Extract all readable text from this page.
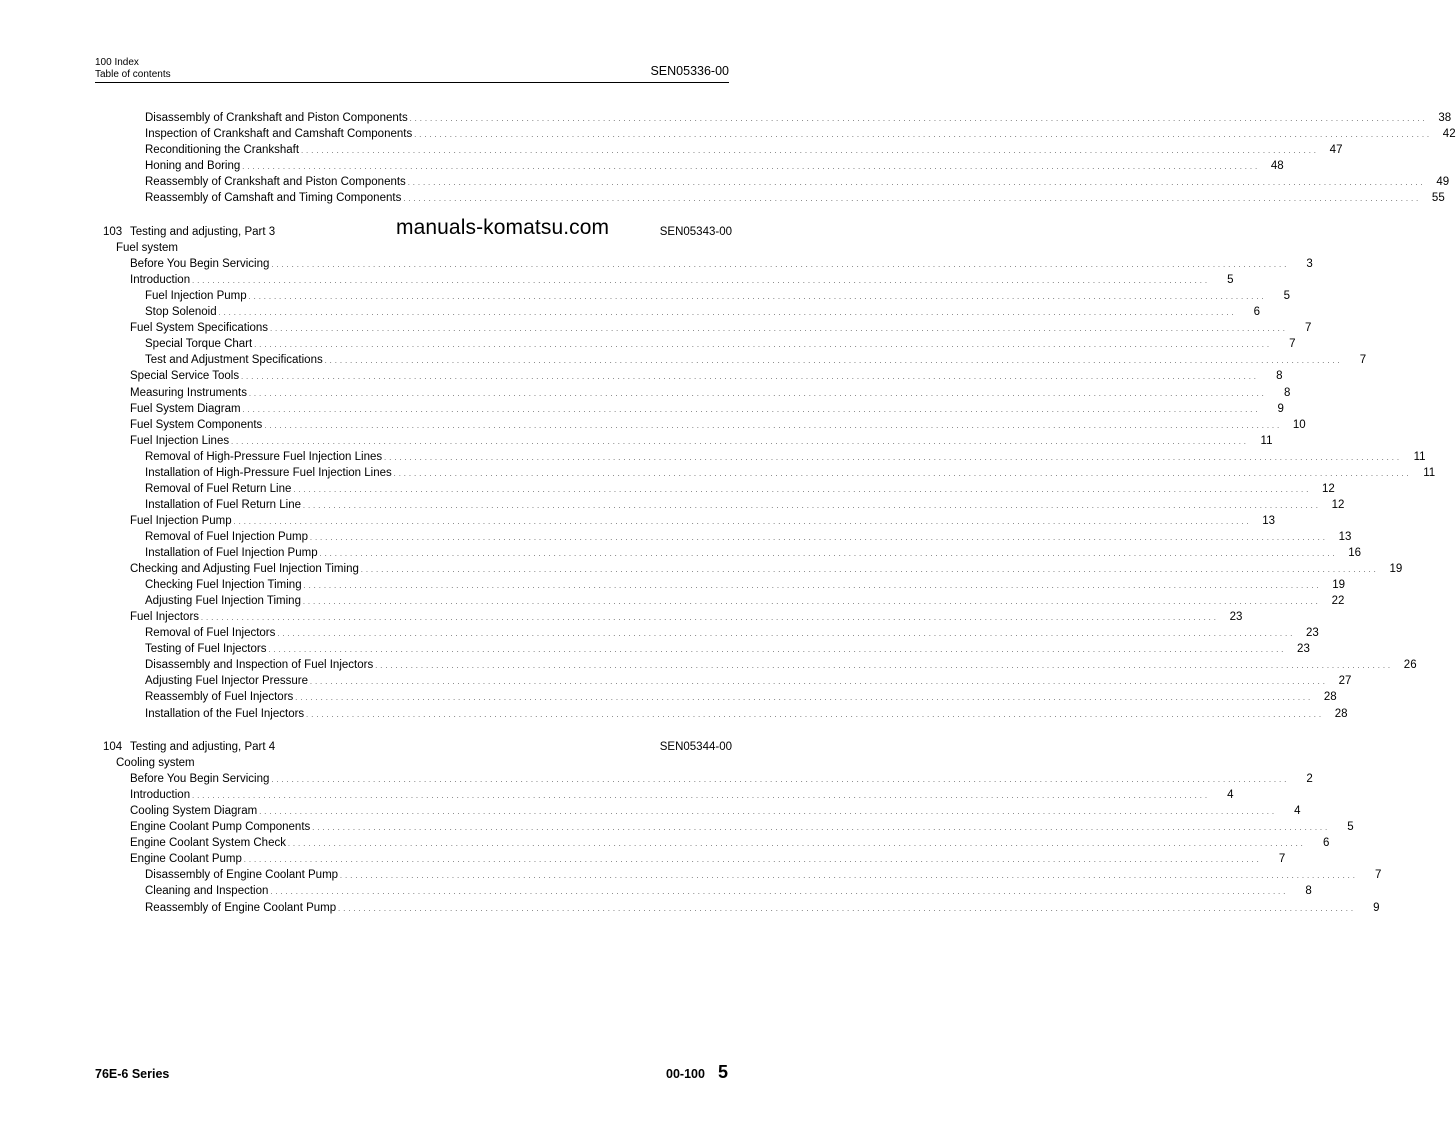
100 Index
Table of contents	SEN05336-00
manuals-komatsu.com
76E-6 Series	00-100 5
Disassembly of Crankshaft and Piston Components . . . . . . . . . . . . . . . . . . . . . . . . . . . . . . . . . . . . . . . . . . . . . . . . . . . . . . . . . . . . . . . . . . . . . . . . . . . . . . . . . . . . . . . . . . . . . . . . . . . . . . . . . . . . . . . . . . . . . . . . . . . . . . . . . . . . . . . . . . . . . . . . . . . . . . . . . . . . . . . . . . . . . . . . . . . . . . . . . . . . . . . . . . . . . . . . . . . . . . . .	38
Inspection of Crankshaft and Camshaft Components . . . . . . . . . . . . . . . . . . . . . . . . . . . . . . . . . . . . . . . . . . . . . . . . . . . . . . . . . . . . . . . . . . . . . . . . . . . . . . . . . . . . . . . . . . . . . . . . . . . . . . . . . . . . . . . . . . . . . . . . . . . . . . . . . . . . . . . . . . . . . . . . . . . . . . . . . . . . . . . . . . . . . . . . . . . . . . . . . . . . . . . . . . . . . . . . . . . . . . . .	42
Reconditioning the Crankshaft . . . . . . . . . . . . . . . . . . . . . . . . . . . . . . . . . . . . . . . . . . . . . . . . . . . . . . . . . . . . . . . . . . . . . . . . . . . . . . . . . . . . . . . . . . . . . . . . . . . . . . . . . . . . . . . . . . . . . . . . . . . . . . . . . . . . . . . . . . . . . . . . . . . . . . . . . . . . . . . . . . . . . . . . . . . . . . . . . . . . . . . . . . . . . . . . . . . . . . . .	47
Honing and Boring . . . . . . . . . . . . . . . . . . . . . . . . . . . . . . . . . . . . . . . . . . . . . . . . . . . . . . . . . . . . . . . . . . . . . . . . . . . . . . . . . . . . . . . . . . . . . . . . . . . . . . . . . . . . . . . . . . . . . . . . . . . . . . . . . . . . . . . . . . . . . . . . . . . . . . . . . . . . . . . . . . . . . . . . . . . . . . . . . . . . . . . . . . . . . . . . . . . . . . . .	48
Reassembly of Crankshaft and Piston Components . . . . . . . . . . . . . . . . . . . . . . . . . . . . . . . . . . . . . . . . . . . . . . . . . . . . . . . . . . . . . . . . . . . . . . . . . . . . . . . . . . . . . . . . . . . . . . . . . . . . . . . . . . . . . . . . . . . . . . . . . . . . . . . . . . . . . . . . . . . . . . . . . . . . . . . . . . . . . . . . . . . . . . . . . . . . . . . . . . . . . . . . . . . . . . . . . . . . . . . .	49
Reassembly of Camshaft and Timing Components . . . . . . . . . . . . . . . . . . . . . . . . . . . . . . . . . . . . . . . . . . . . . . . . . . . . . . . . . . . . . . . . . . . . . . . . . . . . . . . . . . . . . . . . . . . . . . . . . . . . . . . . . . . . . . . . . . . . . . . . . . . . . . . . . . . . . . . . . . . . . . . . . . . . . . . . . . . . . . . . . . . . . . . . . . . . . . . . . . . . . . . . . . . . . . . . . . . . . . . .	55
103 Testing and adjusting, Part 3	SEN05343-00
Fuel system
Before You Begin Servicing . . . . . . . . . . . . . . . . . . . . . . . . . . . . . . . . . . . . . . . . . . . . . . . . . . . . . . . . . . . . . . . . . . . . . . . . . . . . . . . . . . . . . . . . . . . . . . . . . . . . . . . . . . . . . . . . . . . . . . . . . . . . . . . . . . . . . . . . . . . . . . . . . . . . . . . . . . . . . . . . . . . . . . . . . . . . . . . . . . . . . . . . . . . . . . . . . . . . . . . .	3
Introduction . . . . . . . . . . . . . . . . . . . . . . . . . . . . . . . . . . . . . . . . . . . . . . . . . . . . . . . . . . . . . . . . . . . . . . . . . . . . . . . . . . . . . . . . . . . . . . . . . . . . . . . . . . . . . . . . . . . . . . . . . . . . . . . . . . . . . . . . . . . . . . . . . . . . . . . . . . . . . . . . . . . . . . . . . . . . . . . . . . . . . . . . . . . . . . . . . . . . . . . .	5
Fuel Injection Pump . . . . . . . . . . . . . . . . . . . . . . . . . . . . . . . . . . . . . . . . . . . . . . . . . . . . . . . . . . . . . . . . . . . . . . . . . . . . . . . . . . . . . . . . . . . . . . . . . . . . . . . . . . . . . . . . . . . . . . . . . . . . . . . . . . . . . . . . . . . . . . . . . . . . . . . . . . . . . . . . . . . . . . . . . . . . . . . . . . . . . . . . . . . . . . . . . . . . . . . .	5
Stop Solenoid . . . . . . . . . . . . . . . . . . . . . . . . . . . . . . . . . . . . . . . . . . . . . . . . . . . . . . . . . . . . . . . . . . . . . . . . . . . . . . . . . . . . . . . . . . . . . . . . . . . . . . . . . . . . . . . . . . . . . . . . . . . . . . . . . . . . . . . . . . . . . . . . . . . . . . . . . . . . . . . . . . . . . . . . . . . . . . . . . . . . . . . . . . . . . . . . . . . . . . . .	6
Fuel System Specifications . . . . . . . . . . . . . . . . . . . . . . . . . . . . . . . . . . . . . . . . . . . . . . . . . . . . . . . . . . . . . . . . . . . . . . . . . . . . . . . . . . . . . . . . . . . . . . . . . . . . . . . . . . . . . . . . . . . . . . . . . . . . . . . . . . . . . . . . . . . . . . . . . . . . . . . . . . . . . . . . . . . . . . . . . . . . . . . . . . . . . . . . . . . . . . . . . . . . . . . .	7
Special Torque Chart . . . . . . . . . . . . . . . . . . . . . . . . . . . . . . . . . . . . . . . . . . . . . . . . . . . . . . . . . . . . . . . . . . . . . . . . . . . . . . . . . . . . . . . . . . . . . . . . . . . . . . . . . . . . . . . . . . . . . . . . . . . . . . . . . . . . . . . . . . . . . . . . . . . . . . . . . . . . . . . . . . . . . . . . . . . . . . . . . . . . . . . . . . . . . . . . . . . . . . . .	7
Test and Adjustment Specifications . . . . . . . . . . . . . . . . . . . . . . . . . . . . . . . . . . . . . . . . . . . . . . . . . . . . . . . . . . . . . . . . . . . . . . . . . . . . . . . . . . . . . . . . . . . . . . . . . . . . . . . . . . . . . . . . . . . . . . . . . . . . . . . . . . . . . . . . . . . . . . . . . . . . . . . . . . . . . . . . . . . . . . . . . . . . . . . . . . . . . . . . . . . . . . . . . . . . . . . .	7
Special Service Tools . . . . . . . . . . . . . . . . . . . . . . . . . . . . . . . . . . . . . . . . . . . . . . . . . . . . . . . . . . . . . . . . . . . . . . . . . . . . . . . . . . . . . . . . . . . . . . . . . . . . . . . . . . . . . . . . . . . . . . . . . . . . . . . . . . . . . . . . . . . . . . . . . . . . . . . . . . . . . . . . . . . . . . . . . . . . . . . . . . . . . . . . . . . . . . . . . . . . . . . .	8
Measuring Instruments . . . . . . . . . . . . . . . . . . . . . . . . . . . . . . . . . . . . . . . . . . . . . . . . . . . . . . . . . . . . . . . . . . . . . . . . . . . . . . . . . . . . . . . . . . . . . . . . . . . . . . . . . . . . . . . . . . . . . . . . . . . . . . . . . . . . . . . . . . . . . . . . . . . . . . . . . . . . . . . . . . . . . . . . . . . . . . . . . . . . . . . . . . . . . . . . . . . . . . . .	8
Fuel System Diagram . . . . . . . . . . . . . . . . . . . . . . . . . . . . . . . . . . . . . . . . . . . . . . . . . . . . . . . . . . . . . . . . . . . . . . . . . . . . . . . . . . . . . . . . . . . . . . . . . . . . . . . . . . . . . . . . . . . . . . . . . . . . . . . . . . . . . . . . . . . . . . . . . . . . . . . . . . . . . . . . . . . . . . . . . . . . . . . . . . . . . . . . . . . . . . . . . . . . . . . .	9
Fuel System Components . . . . . . . . . . . . . . . . . . . . . . . . . . . . . . . . . . . . . . . . . . . . . . . . . . . . . . . . . . . . . . . . . . . . . . . . . . . . . . . . . . . . . . . . . . . . . . . . . . . . . . . . . . . . . . . . . . . . . . . . . . . . . . . . . . . . . . . . . . . . . . . . . . . . . . . . . . . . . . . . . . . . . . . . . . . . . . . . . . . . . . . . . . . . . . . . . . . . . . . .	10
Fuel Injection Lines . . . . . . . . . . . . . . . . . . . . . . . . . . . . . . . . . . . . . . . . . . . . . . . . . . . . . . . . . . . . . . . . . . . . . . . . . . . . . . . . . . . . . . . . . . . . . . . . . . . . . . . . . . . . . . . . . . . . . . . . . . . . . . . . . . . . . . . . . . . . . . . . . . . . . . . . . . . . . . . . . . . . . . . . . . . . . . . . . . . . . . . . . . . . . . . . . . . . . . . .	11
Removal of High-Pressure Fuel Injection Lines . . . . . . . . . . . . . . . . . . . . . . . . . . . . . . . . . . . . . . . . . . . . . . . . . . . . . . . . . . . . . . . . . . . . . . . . . . . . . . . . . . . . . . . . . . . . . . . . . . . . . . . . . . . . . . . . . . . . . . . . . . . . . . . . . . . . . . . . . . . . . . . . . . . . . . . . . . . . . . . . . . . . . . . . . . . . . . . . . . . . . . . . . . . . . . . . . . . . . . . .	11
Installation of High-Pressure Fuel Injection Lines . . . . . . . . . . . . . . . . . . . . . . . . . . . . . . . . . . . . . . . . . . . . . . . . . . . . . . . . . . . . . . . . . . . . . . . . . . . . . . . . . . . . . . . . . . . . . . . . . . . . . . . . . . . . . . . . . . . . . . . . . . . . . . . . . . . . . . . . . . . . . . . . . . . . . . . . . . . . . . . . . . . . . . . . . . . . . . . . . . . . . . . . . . . . . . . . . . . . . . . .	11
Removal of Fuel Return Line . . . . . . . . . . . . . . . . . . . . . . . . . . . . . . . . . . . . . . . . . . . . . . . . . . . . . . . . . . . . . . . . . . . . . . . . . . . . . . . . . . . . . . . . . . . . . . . . . . . . . . . . . . . . . . . . . . . . . . . . . . . . . . . . . . . . . . . . . . . . . . . . . . . . . . . . . . . . . . . . . . . . . . . . . . . . . . . . . . . . . . . . . . . . . . . . . . . . . . . .	12
Installation of Fuel Return Line . . . . . . . . . . . . . . . . . . . . . . . . . . . . . . . . . . . . . . . . . . . . . . . . . . . . . . . . . . . . . . . . . . . . . . . . . . . . . . . . . . . . . . . . . . . . . . . . . . . . . . . . . . . . . . . . . . . . . . . . . . . . . . . . . . . . . . . . . . . . . . . . . . . . . . . . . . . . . . . . . . . . . . . . . . . . . . . . . . . . . . . . . . . . . . . . . . . . . . . .	12
Fuel Injection Pump . . . . . . . . . . . . . . . . . . . . . . . . . . . . . . . . . . . . . . . . . . . . . . . . . . . . . . . . . . . . . . . . . . . . . . . . . . . . . . . . . . . . . . . . . . . . . . . . . . . . . . . . . . . . . . . . . . . . . . . . . . . . . . . . . . . . . . . . . . . . . . . . . . . . . . . . . . . . . . . . . . . . . . . . . . . . . . . . . . . . . . . . . . . . . . . . . . . . . . . .	13
Removal of Fuel Injection Pump . . . . . . . . . . . . . . . . . . . . . . . . . . . . . . . . . . . . . . . . . . . . . . . . . . . . . . . . . . . . . . . . . . . . . . . . . . . . . . . . . . . . . . . . . . . . . . . . . . . . . . . . . . . . . . . . . . . . . . . . . . . . . . . . . . . . . . . . . . . . . . . . . . . . . . . . . . . . . . . . . . . . . . . . . . . . . . . . . . . . . . . . . . . . . . . . . . . . . . . .	13
Installation of Fuel Injection Pump . . . . . . . . . . . . . . . . . . . . . . . . . . . . . . . . . . . . . . . . . . . . . . . . . . . . . . . . . . . . . . . . . . . . . . . . . . . . . . . . . . . . . . . . . . . . . . . . . . . . . . . . . . . . . . . . . . . . . . . . . . . . . . . . . . . . . . . . . . . . . . . . . . . . . . . . . . . . . . . . . . . . . . . . . . . . . . . . . . . . . . . . . . . . . . . . . . . . . . . .	16
Checking and Adjusting Fuel Injection Timing . . . . . . . . . . . . . . . . . . . . . . . . . . . . . . . . . . . . . . . . . . . . . . . . . . . . . . . . . . . . . . . . . . . . . . . . . . . . . . . . . . . . . . . . . . . . . . . . . . . . . . . . . . . . . . . . . . . . . . . . . . . . . . . . . . . . . . . . . . . . . . . . . . . . . . . . . . . . . . . . . . . . . . . . . . . . . . . . . . . . . . . . . . . . . . . . . . . . . . . .	19
Checking Fuel Injection Timing . . . . . . . . . . . . . . . . . . . . . . . . . . . . . . . . . . . . . . . . . . . . . . . . . . . . . . . . . . . . . . . . . . . . . . . . . . . . . . . . . . . . . . . . . . . . . . . . . . . . . . . . . . . . . . . . . . . . . . . . . . . . . . . . . . . . . . . . . . . . . . . . . . . . . . . . . . . . . . . . . . . . . . . . . . . . . . . . . . . . . . . . . . . . . . . . . . . . . . . .	19
Adjusting Fuel Injection Timing . . . . . . . . . . . . . . . . . . . . . . . . . . . . . . . . . . . . . . . . . . . . . . . . . . . . . . . . . . . . . . . . . . . . . . . . . . . . . . . . . . . . . . . . . . . . . . . . . . . . . . . . . . . . . . . . . . . . . . . . . . . . . . . . . . . . . . . . . . . . . . . . . . . . . . . . . . . . . . . . . . . . . . . . . . . . . . . . . . . . . . . . . . . . . . . . . . . . . . . .	22
Fuel Injectors . . . . . . . . . . . . . . . . . . . . . . . . . . . . . . . . . . . . . . . . . . . . . . . . . . . . . . . . . . . . . . . . . . . . . . . . . . . . . . . . . . . . . . . . . . . . . . . . . . . . . . . . . . . . . . . . . . . . . . . . . . . . . . . . . . . . . . . . . . . . . . . . . . . . . . . . . . . . . . . . . . . . . . . . . . . . . . . . . . . . . . . . . . . . . . . . . . . . . . . .	23
Removal of Fuel Injectors . . . . . . . . . . . . . . . . . . . . . . . . . . . . . . . . . . . . . . . . . . . . . . . . . . . . . . . . . . . . . . . . . . . . . . . . . . . . . . . . . . . . . . . . . . . . . . . . . . . . . . . . . . . . . . . . . . . . . . . . . . . . . . . . . . . . . . . . . . . . . . . . . . . . . . . . . . . . . . . . . . . . . . . . . . . . . . . . . . . . . . . . . . . . . . . . . . . . . . . .	23
Testing of Fuel Injectors . . . . . . . . . . . . . . . . . . . . . . . . . . . . . . . . . . . . . . . . . . . . . . . . . . . . . . . . . . . . . . . . . . . . . . . . . . . . . . . . . . . . . . . . . . . . . . . . . . . . . . . . . . . . . . . . . . . . . . . . . . . . . . . . . . . . . . . . . . . . . . . . . . . . . . . . . . . . . . . . . . . . . . . . . . . . . . . . . . . . . . . . . . . . . . . . . . . . . . . .	23
Disassembly and Inspection of Fuel Injectors . . . . . . . . . . . . . . . . . . . . . . . . . . . . . . . . . . . . . . . . . . . . . . . . . . . . . . . . . . . . . . . . . . . . . . . . . . . . . . . . . . . . . . . . . . . . . . . . . . . . . . . . . . . . . . . . . . . . . . . . . . . . . . . . . . . . . . . . . . . . . . . . . . . . . . . . . . . . . . . . . . . . . . . . . . . . . . . . . . . . . . . . . . . . . . . . . . . . . . . .	26
Adjusting Fuel Injector Pressure . . . . . . . . . . . . . . . . . . . . . . . . . . . . . . . . . . . . . . . . . . . . . . . . . . . . . . . . . . . . . . . . . . . . . . . . . . . . . . . . . . . . . . . . . . . . . . . . . . . . . . . . . . . . . . . . . . . . . . . . . . . . . . . . . . . . . . . . . . . . . . . . . . . . . . . . . . . . . . . . . . . . . . . . . . . . . . . . . . . . . . . . . . . . . . . . . . . . . . . .	27
Reassembly of Fuel Injectors . . . . . . . . . . . . . . . . . . . . . . . . . . . . . . . . . . . . . . . . . . . . . . . . . . . . . . . . . . . . . . . . . . . . . . . . . . . . . . . . . . . . . . . . . . . . . . . . . . . . . . . . . . . . . . . . . . . . . . . . . . . . . . . . . . . . . . . . . . . . . . . . . . . . . . . . . . . . . . . . . . . . . . . . . . . . . . . . . . . . . . . . . . . . . . . . . . . . . . . .	28
Installation of the Fuel Injectors . . . . . . . . . . . . . . . . . . . . . . . . . . . . . . . . . . . . . . . . . . . . . . . . . . . . . . . . . . . . . . . . . . . . . . . . . . . . . . . . . . . . . . . . . . . . . . . . . . . . . . . . . . . . . . . . . . . . . . . . . . . . . . . . . . . . . . . . . . . . . . . . . . . . . . . . . . . . . . . . . . . . . . . . . . . . . . . . . . . . . . . . . . . . . . . . . . . . . . . .	28
104 Testing and adjusting, Part 4	SEN05344-00
Cooling system
Before You Begin Servicing . . . . . . . . . . . . . . . . . . . . . . . . . . . . . . . . . . . . . . . . . . . . . . . . . . . . . . . . . . . . . . . . . . . . . . . . . . . . . . . . . . . . . . . . . . . . . . . . . . . . . . . . . . . . . . . . . . . . . . . . . . . . . . . . . . . . . . . . . . . . . . . . . . . . . . . . . . . . . . . . . . . . . . . . . . . . . . . . . . . . . . . . . . . . . . . . . . . . . . . .	2
Introduction . . . . . . . . . . . . . . . . . . . . . . . . . . . . . . . . . . . . . . . . . . . . . . . . . . . . . . . . . . . . . . . . . . . . . . . . . . . . . . . . . . . . . . . . . . . . . . . . . . . . . . . . . . . . . . . . . . . . . . . . . . . . . . . . . . . . . . . . . . . . . . . . . . . . . . . . . . . . . . . . . . . . . . . . . . . . . . . . . . . . . . . . . . . . . . . . . . . . . . . .	4
Cooling System Diagram . . . . . . . . . . . . . . . . . . . . . . . . . . . . . . . . . . . . . . . . . . . . . . . . . . . . . . . . . . . . . . . . . . . . . . . . . . . . . . . . . . . . . . . . . . . . . . . . . . . . . . . . . . . . . . . . . . . . . . . . . . . . . . . . . . . . . . . . . . . . . . . . . . . . . . . . . . . . . . . . . . . . . . . . . . . . . . . . . . . . . . . . . . . . . . . . . . . . . . . .	4
Engine Coolant Pump Components . . . . . . . . . . . . . . . . . . . . . . . . . . . . . . . . . . . . . . . . . . . . . . . . . . . . . . . . . . . . . . . . . . . . . . . . . . . . . . . . . . . . . . . . . . . . . . . . . . . . . . . . . . . . . . . . . . . . . . . . . . . . . . . . . . . . . . . . . . . . . . . . . . . . . . . . . . . . . . . . . . . . . . . . . . . . . . . . . . . . . . . . . . . . . . . . . . . . . . . .	5
Engine Coolant System Check . . . . . . . . . . . . . . . . . . . . . . . . . . . . . . . . . . . . . . . . . . . . . . . . . . . . . . . . . . . . . . . . . . . . . . . . . . . . . . . . . . . . . . . . . . . . . . . . . . . . . . . . . . . . . . . . . . . . . . . . . . . . . . . . . . . . . . . . . . . . . . . . . . . . . . . . . . . . . . . . . . . . . . . . . . . . . . . . . . . . . . . . . . . . . . . . . . . . . . . .	6
Engine Coolant Pump . . . . . . . . . . . . . . . . . . . . . . . . . . . . . . . . . . . . . . . . . . . . . . . . . . . . . . . . . . . . . . . . . . . . . . . . . . . . . . . . . . . . . . . . . . . . . . . . . . . . . . . . . . . . . . . . . . . . . . . . . . . . . . . . . . . . . . . . . . . . . . . . . . . . . . . . . . . . . . . . . . . . . . . . . . . . . . . . . . . . . . . . . . . . . . . . . . . . . . . .	7
Disassembly of Engine Coolant Pump . . . . . . . . . . . . . . . . . . . . . . . . . . . . . . . . . . . . . . . . . . . . . . . . . . . . . . . . . . . . . . . . . . . . . . . . . . . . . . . . . . . . . . . . . . . . . . . . . . . . . . . . . . . . . . . . . . . . . . . . . . . . . . . . . . . . . . . . . . . . . . . . . . . . . . . . . . . . . . . . . . . . . . . . . . . . . . . . . . . . . . . . . . . . . . . . . . . . . . . .	7
Cleaning and Inspection . . . . . . . . . . . . . . . . . . . . . . . . . . . . . . . . . . . . . . . . . . . . . . . . . . . . . . . . . . . . . . . . . . . . . . . . . . . . . . . . . . . . . . . . . . . . . . . . . . . . . . . . . . . . . . . . . . . . . . . . . . . . . . . . . . . . . . . . . . . . . . . . . . . . . . . . . . . . . . . . . . . . . . . . . . . . . . . . . . . . . . . . . . . . . . . . . . . . . . . .	8
Reassembly of Engine Coolant Pump . . . . . . . . . . . . . . . . . . . . . . . . . . . . . . . . . . . . . . . . . . . . . . . . . . . . . . . . . . . . . . . . . . . . . . . . . . . . . . . . . . . . . . . . . . . . . . . . . . . . . . . . . . . . . . . . . . . . . . . . . . . . . . . . . . . . . . . . . . . . . . . . . . . . . . . . . . . . . . . . . . . . . . . . . . . . . . . . . . . . . . . . . . . . . . . . . . . . . . . .	9
